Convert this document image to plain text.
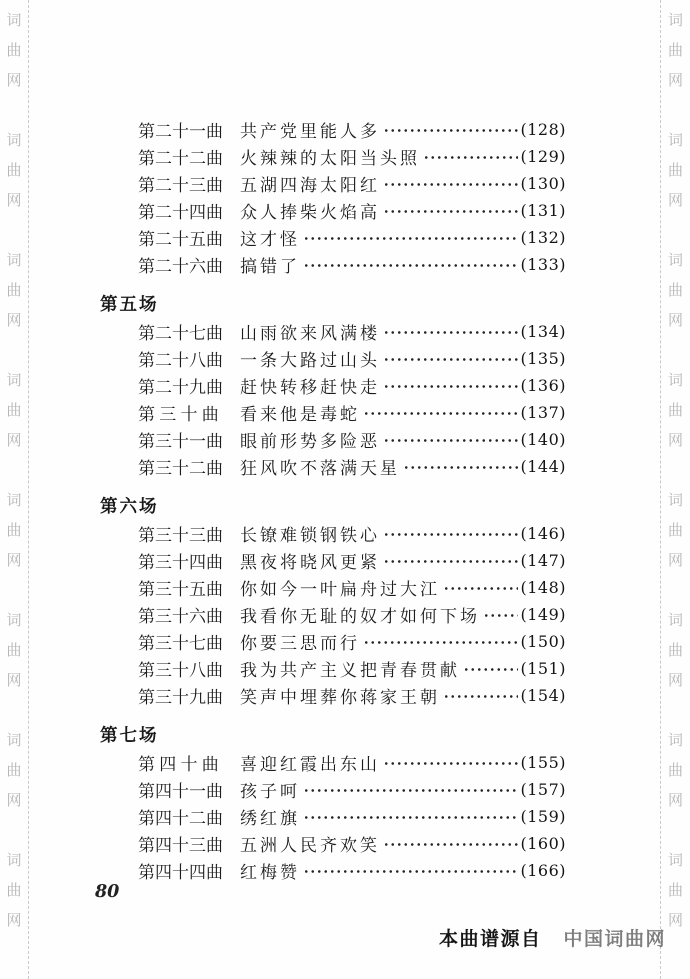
词
曲
网
词
曲
网
词
曲
网
词
曲
网
词
曲
网
词
曲
网
词
曲
网
词
曲
网
词
曲
网
词
曲
网
词
曲
网
词
曲
网
词
曲
网
词
曲
网
词
曲
网
词
曲
网
第二十一曲	共产党里能人多	(128)
第二十二曲	火辣辣的太阳当头照	(129)
第二十三曲	五湖四海太阳红	(130)
第二十四曲	众人捧柴火焰高	(131)
第二十五曲	这才怪	(132)
第二十六曲	搞错了	(133)
第五场
第二十七曲	山雨欲来风满楼	(134)
第二十八曲	一条大路过山头	(135)
第二十九曲	赶快转移赶快走	(136)
第 三 十 曲	看来他是毒蛇	(137)
第三十一曲	眼前形势多险恶	(140)
第三十二曲	狂风吹不落满天星	(144)
第六场
第三十三曲	长镣难锁钢铁心	(146)
第三十四曲	黑夜将晓风更紧	(147)
第三十五曲	你如今一叶扁舟过大江	(148)
第三十六曲	我看你无耻的奴才如何下场	(149)
第三十七曲	你要三思而行	(150)
第三十八曲	我为共产主义把青春贯献	(151)
第三十九曲	笑声中埋葬你蒋家王朝	(154)
第七场
第 四 十 曲	喜迎红霞出东山	(155)
第四十一曲	孩子呵	(157)
第四十二曲	绣红旗	(159)
第四十三曲	五洲人民齐欢笑	(160)
第四十四曲	红梅赞	(166)
80
本曲谱源自 中国词曲网
